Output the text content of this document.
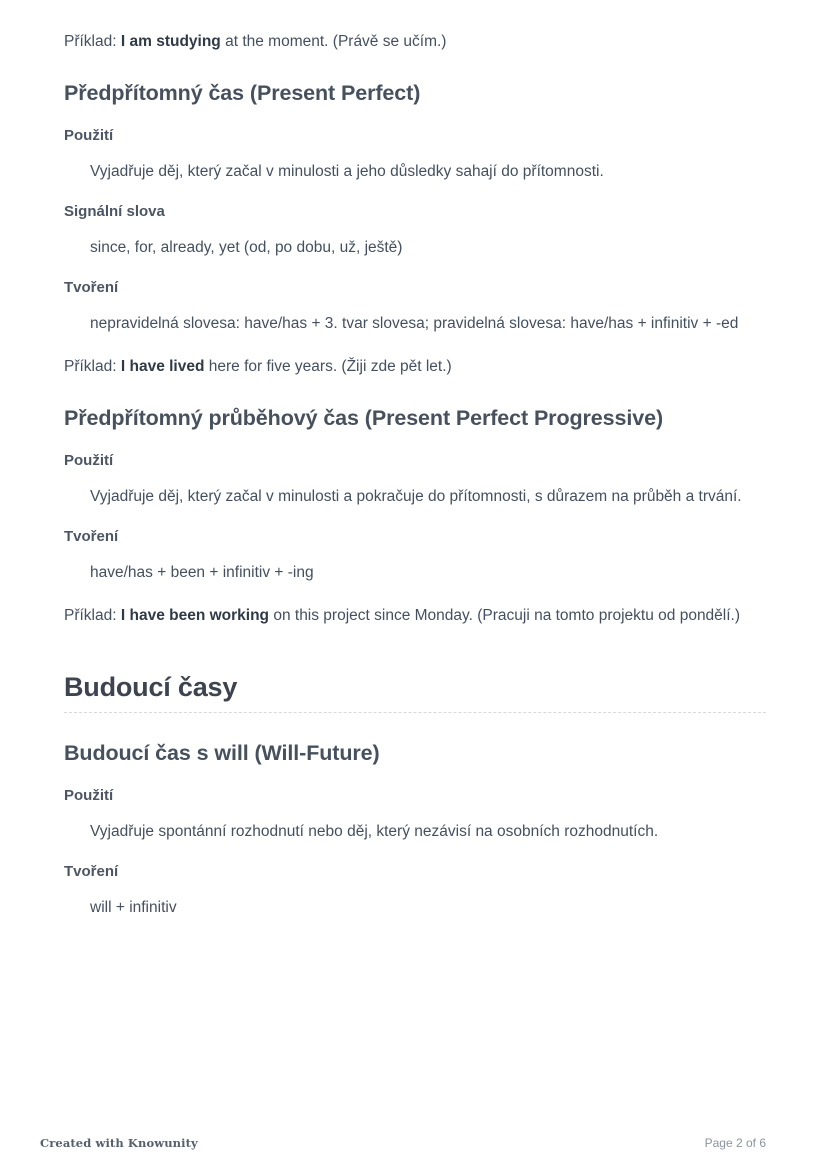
Příklad: I am studying at the moment. (Právě se učím.)

Předpřítomný čas (Present Perfect)
Použití

Vyjadřuje děj, který začal v minulosti a jeho důsledky sahají do přítomnosti.

Signální slova

since, for, already, yet (od, po dobu, už, ještě)

Tvoření

nepravidelná slovesa: have/has + 3. tvar slovesa; pravidelná slovesa: have/has + infinitiv + -ed

Příklad: I have lived here for five years. (Žiji zde pět let.)

Předpřítomný průběhový čas (Present Perfect Progressive)
Použití

Vyjadřuje děj, který začal v minulosti a pokračuje do přítomnosti, s důrazem na průběh a trvání.

Tvoření

have/has + been + infinitiv + -ing

Příklad: I have been working on this project since Monday. (Pracuji na tomto projektu od pondělí.)

Budoucí časy
Budoucí čas s will (Will-Future)
Použití

Vyjadřuje spontánní rozhodnutí nebo děj, který nezávisí na osobních rozhodnutích.

Tvoření

will + infinitiv

Created with Knowunity	Page 2 of 6
